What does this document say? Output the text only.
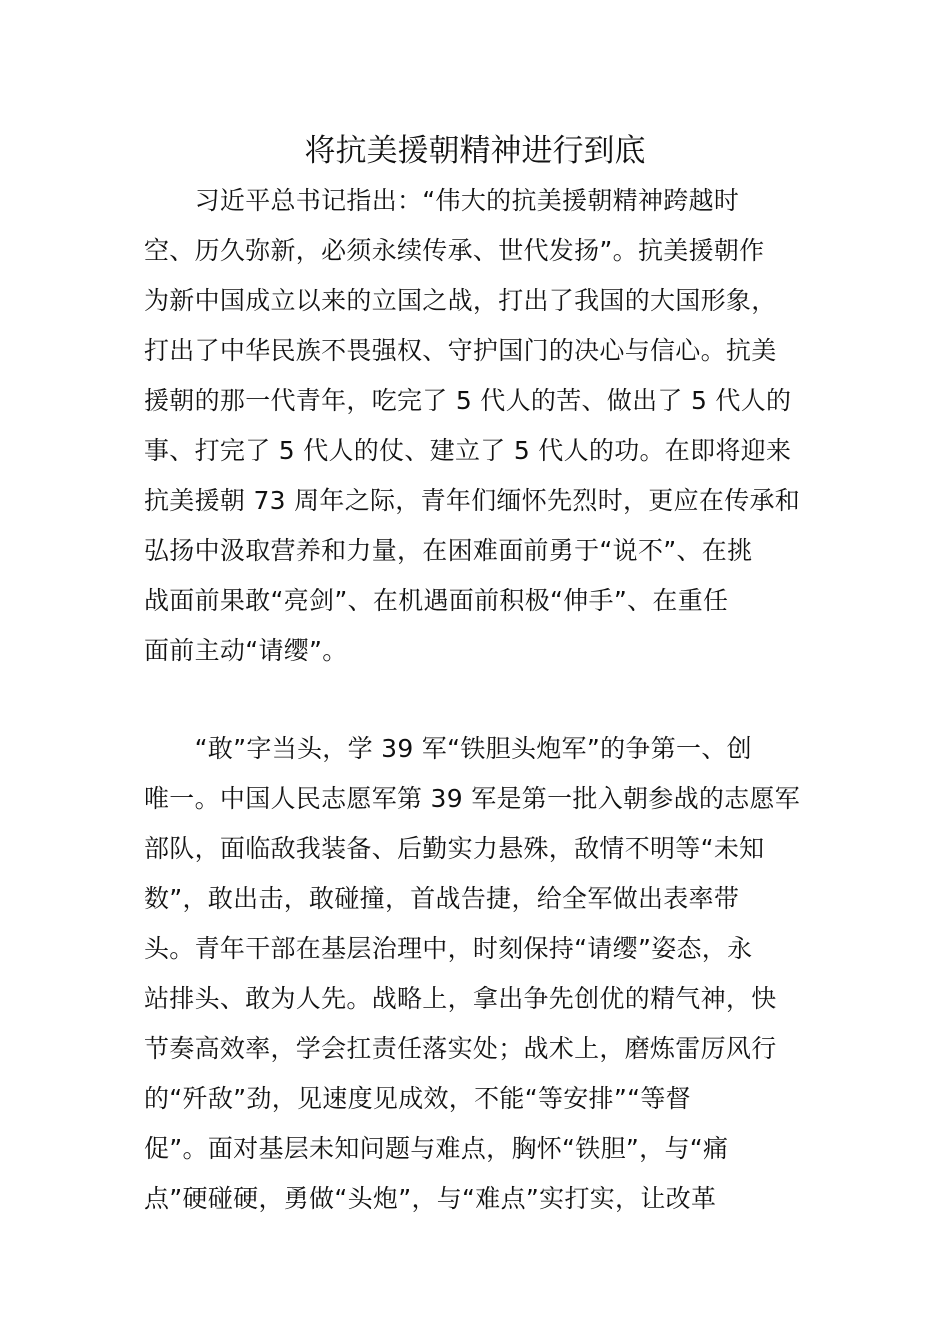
将抗美援朝精神进行到底
　　习近平总书记指出：“伟大的抗美援朝精神跨越时
空、历久弥新，必须永续传承、世代发扬”。抗美援朝作
为新中国成立以来的立国之战，打出了我国的大国形象，
打出了中华民族不畏强权、守护国门的决心与信心。抗美
援朝的那一代青年，吃完了 5 代人的苦、做出了 5 代人的
事、打完了 5 代人的仗、建立了 5 代人的功。在即将迎来
抗美援朝 73 周年之际，青年们缅怀先烈时，更应在传承和
弘扬中汲取营养和力量，在困难面前勇于“说不”、在挑
战面前果敢“亮剑”、在机遇面前积极“伸手”、在重任
面前主动“请缨”。
　　“敢”字当头，学 39 军“铁胆头炮军”的争第一、创
唯一。中国人民志愿军第 39 军是第一批入朝参战的志愿军
部队，面临敌我装备、后勤实力悬殊，敌情不明等“未知
数”，敢出击，敢碰撞，首战告捷，给全军做出表率带
头。青年干部在基层治理中，时刻保持“请缨”姿态，永
站排头、敢为人先。战略上，拿出争先创优的精气神，快
节奏高效率，学会扛责任落实处；战术上，磨炼雷厉风行
的“歼敌”劲，见速度见成效，不能“等安排”“等督
促”。面对基层未知问题与难点，胸怀“铁胆”，与“痛
点”硬碰硬，勇做“头炮”，与“难点”实打实，让改革
